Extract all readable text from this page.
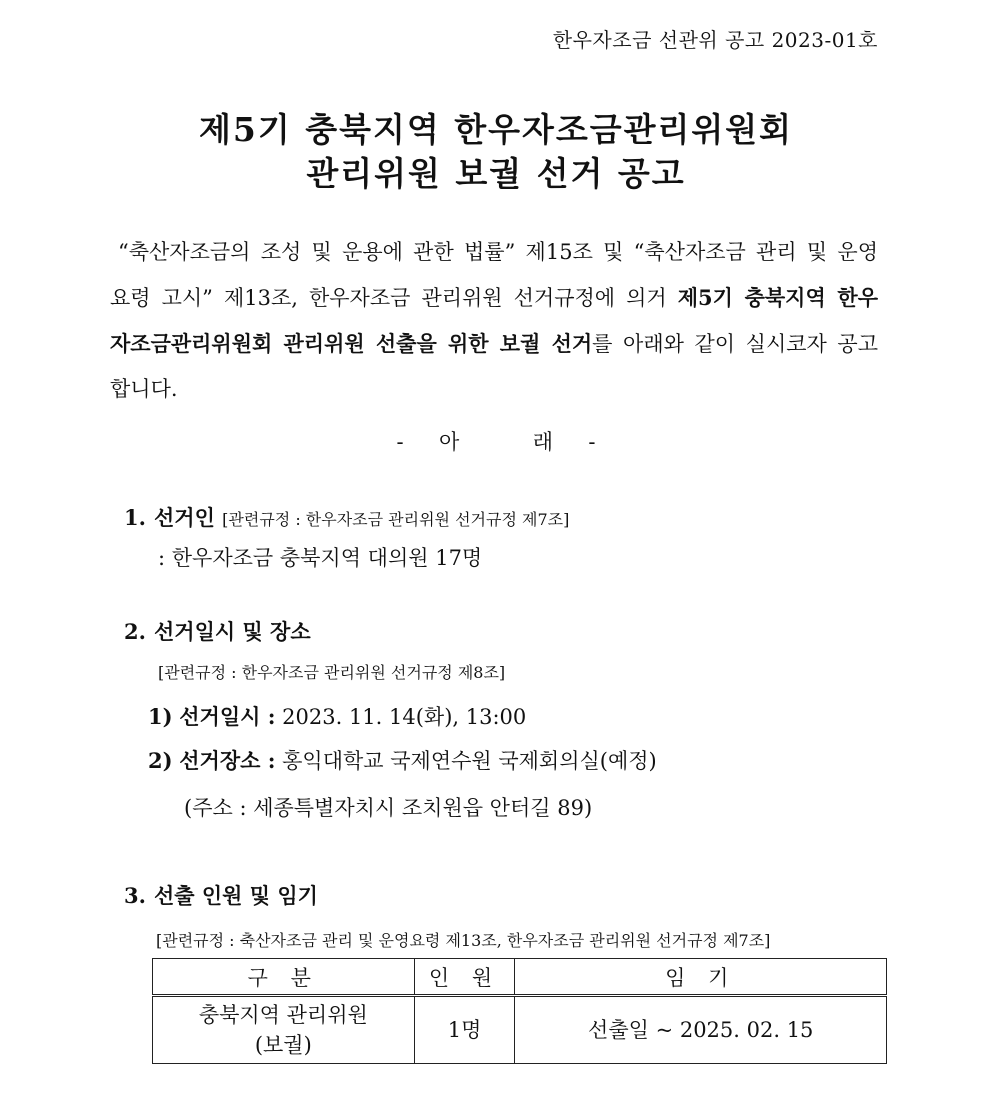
한우자조금 선관위 공고 2023-01호
제5기 충북지역 한우자조금관리위원회
관리위원 보궐 선거 공고
“축산자조금의 조성 및 운용에 관한 법률” 제15조 및 “축산자조금 관리 및 운영요령 고시” 제13조, 한우자조금 관리위원 선거규정에 의거 제5기 충북지역 한우자조금관리위원회 관리위원 선출을 위한 보궐 선거를 아래와 같이 실시코자 공고합니다.
- 아	래 -
1. 선거인 [관련규정 : 한우자조금 관리위원 선거규정 제7조]
: 한우자조금 충북지역 대의원 17명
2. 선거일시 및 장소
[관련규정 : 한우자조금 관리위원 선거규정 제8조]
1) 선거일시 : 2023. 11. 14(화), 13:00
2) 선거장소 : 홍익대학교 국제연수원 국제회의실(예정)
(주소 : 세종특별자치시 조치원읍 안터길 89)
3. 선출 인원 및 임기
[관련규정 : 축산자조금 관리 및 운영요령 제13조, 한우자조금 관리위원 선거규정 제7조]
구 분	인 원	임 기

충북지역 관리위원
(보궐)	1명	선출일 ~ 2025. 02. 15
